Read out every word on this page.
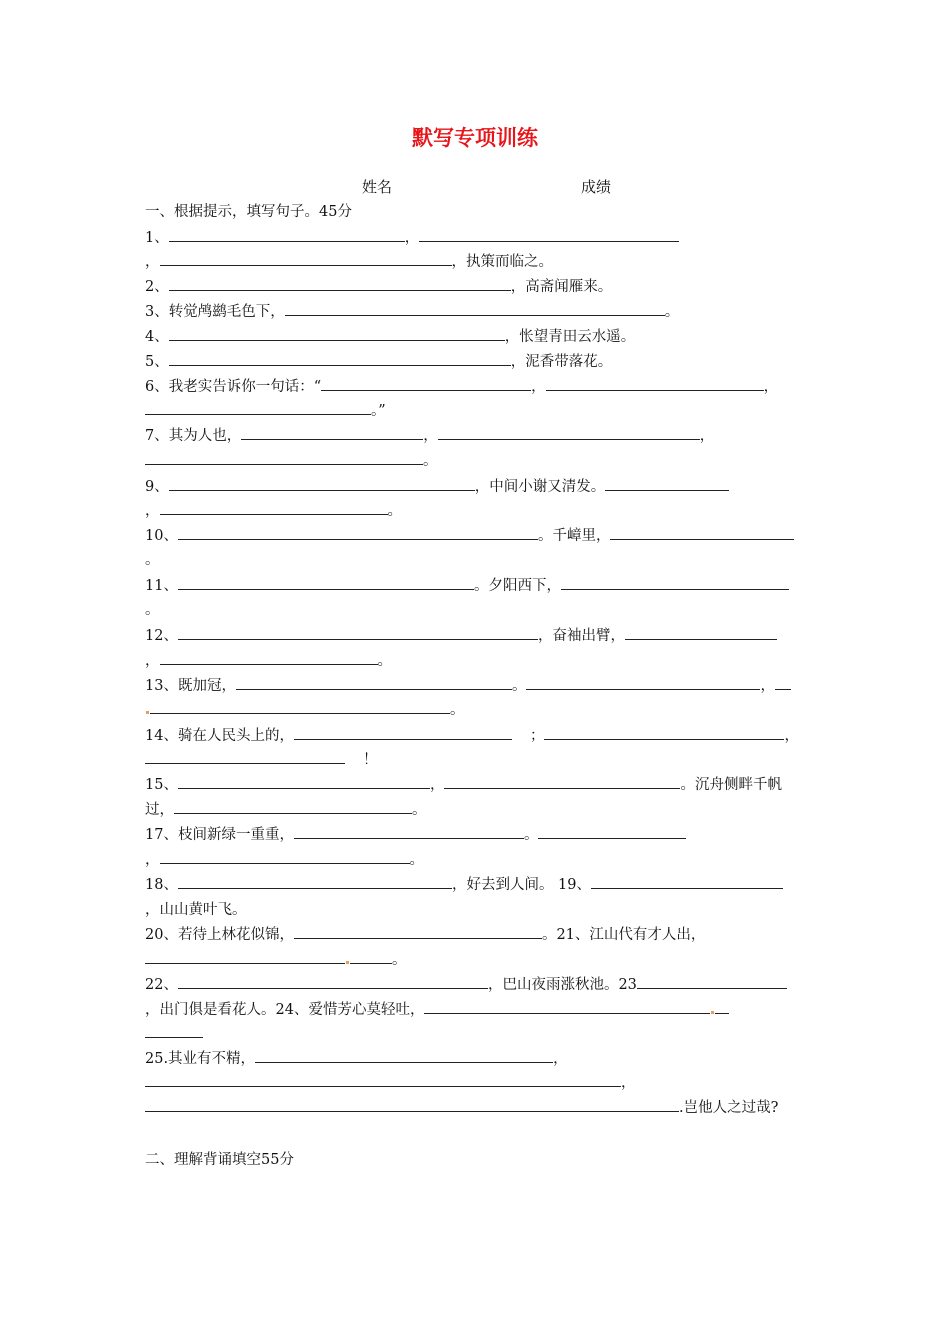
默写专项训练
姓名	成绩
一、根据提示，填写句子。45分
1、	，
，	，执策而临之。
2、	，高斋闻雁来。
3、转觉鸬鹚毛色下，	。
4、	，怅望青田云水遥。
5、	，泥香带落花。
6、我老实告诉你一句话：“	，	，
。”
7、其为人也，	，	，
。
9、	，中间小谢又清发。
，	。
10、	。千嶂里，
。
11、	。夕阳西下，
。
12、	，奋袖出臂，
，	。
13、既加冠，	。	，
。
14、骑在人民头上的，	；	，
！
15、	，	。沉舟侧畔千帆
过，	。
17、枝间新绿一重重，	。
，	。
18、	，好去到人间。 19、
，山山黄叶飞。
20、若待上林花似锦，	。21、江山代有才人出，
。
22、	，巴山夜雨涨秋池。23
，出门俱是看花人。24、爱惜芳心莫轻吐，
25.其业有不精，	，
，
.岂他人之过哉?
二、理解背诵填空55分
